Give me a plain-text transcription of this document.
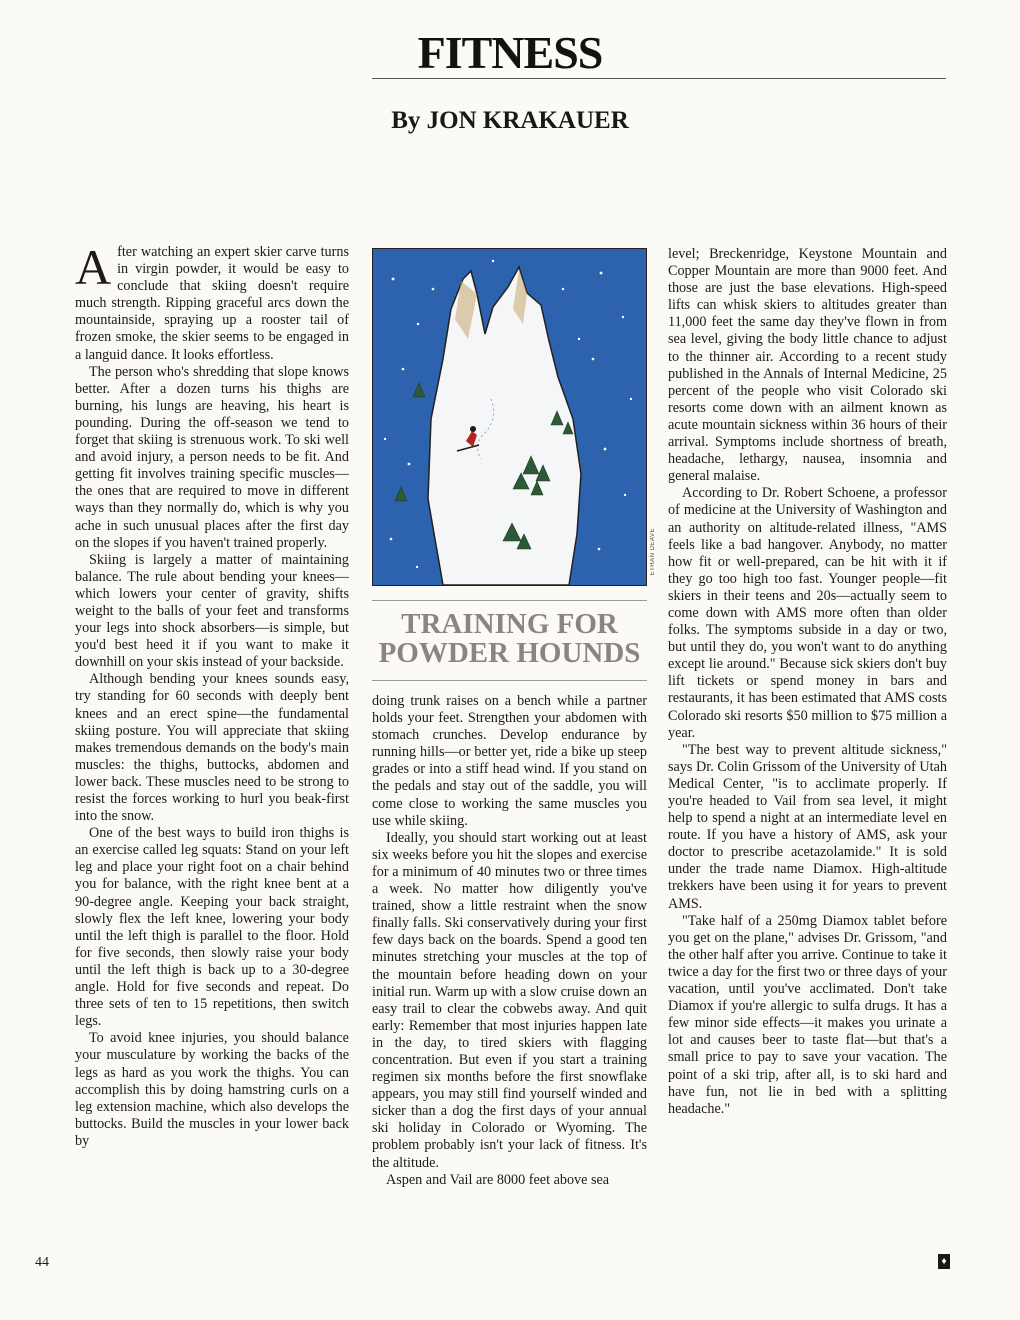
FITNESS
By JON KRAKAUER

After watching an expert skier carve turns in virgin powder, it would be easy to conclude that skiing doesn't require much strength. Ripping graceful arcs down the mountainside, spraying up a rooster tail of frozen smoke, the skier seems to be engaged in a languid dance. It looks effortless.

The person who's shredding that slope knows better. After a dozen turns his thighs are burning, his lungs are heaving, his heart is pounding. During the off-season we tend to forget that skiing is strenuous work. To ski well and avoid injury, a person needs to be fit. And getting fit involves training specific muscles—the ones that are required to move in different ways than they normally do, which is why you ache in such unusual places after the first day on the slopes if you haven't trained properly.

Skiing is largely a matter of maintaining balance. The rule about bending your knees—which lowers your center of gravity, shifts weight to the balls of your feet and transforms your legs into shock absorbers—is simple, but you'd best heed it if you want to make it downhill on your skis instead of your backside.

Although bending your knees sounds easy, try standing for 60 seconds with deeply bent knees and an erect spine—the fundamental skiing posture. You will appreciate that skiing makes tremendous demands on the body's main muscles: the thighs, buttocks, abdomen and lower back. These muscles need to be strong to resist the forces working to hurl you beak-first into the snow.

One of the best ways to build iron thighs is an exercise called leg squats: Stand on your left leg and place your right foot on a chair behind you for balance, with the right knee bent at a 90-degree angle. Keeping your back straight, slowly flex the left knee, lowering your body until the left thigh is parallel to the floor. Hold for five seconds, then slowly raise your body until the left thigh is back up to a 30-degree angle. Hold for five seconds and repeat. Do three sets of ten to 15 repetitions, then switch legs.

To avoid knee injuries, you should balance your musculature by working the backs of the legs as hard as you work the thighs. You can accomplish this by doing hamstring curls on a leg extension machine, which also develops the buttocks. Build the muscles in your lower back by

ETHAN DEAVE
TRAINING FOR POWDER HOUNDS

doing trunk raises on a bench while a partner holds your feet. Strengthen your abdomen with stomach crunches. Develop endurance by running hills—or better yet, ride a bike up steep grades or into a stiff head wind. If you stand on the pedals and stay out of the saddle, you will come close to working the same muscles you use while skiing.

Ideally, you should start working out at least six weeks before you hit the slopes and exercise for a minimum of 40 minutes two or three times a week. No matter how diligently you've trained, show a little restraint when the snow finally falls. Ski conservatively during your first few days back on the boards. Spend a good ten minutes stretching your muscles at the top of the mountain before heading down on your initial run. Warm up with a slow cruise down an easy trail to clear the cobwebs away. And quit early: Remember that most injuries happen late in the day, to tired skiers with flagging concentration. But even if you start a training regimen six months before the first snowflake appears, you may still find yourself winded and sicker than a dog the first days of your annual ski holiday in Colorado or Wyoming. The problem probably isn't your lack of fitness. It's the altitude.

Aspen and Vail are 8000 feet above sea

level; Breckenridge, Keystone Mountain and Copper Mountain are more than 9000 feet. And those are just the base elevations. High-speed lifts can whisk skiers to altitudes greater than 11,000 feet the same day they've flown in from sea level, giving the body little chance to adjust to the thinner air. According to a recent study published in the Annals of Internal Medicine, 25 percent of the people who visit Colorado ski resorts come down with an ailment known as acute mountain sickness within 36 hours of their arrival. Symptoms include shortness of breath, headache, lethargy, nausea, insomnia and general malaise.

According to Dr. Robert Schoene, a professor of medicine at the University of Washington and an authority on altitude-related illness, "AMS feels like a bad hangover. Anybody, no matter how fit or well-prepared, can be hit with it if they go too high too fast. Younger people—fit skiers in their teens and 20s—actually seem to come down with AMS more often than older folks. The symptoms subside in a day or two, but until they do, you won't want to do anything except lie around." Because sick skiers don't buy lift tickets or spend money in bars and restaurants, it has been estimated that AMS costs Colorado ski resorts $50 million to $75 million a year.

"The best way to prevent altitude sickness," says Dr. Colin Grissom of the University of Utah Medical Center, "is to acclimate properly. If you're headed to Vail from sea level, it might help to spend a night at an intermediate level en route. If you have a history of AMS, ask your doctor to prescribe acetazolamide." It is sold under the trade name Diamox. High-altitude trekkers have been using it for years to prevent AMS.

"Take half of a 250mg Diamox tablet before you get on the plane," advises Dr. Grissom, "and the other half after you arrive. Continue to take it twice a day for the first two or three days of your vacation, until you've acclimated. Don't take Diamox if you're allergic to sulfa drugs. It has a few minor side effects—it makes you urinate a lot and causes beer to taste flat—but that's a small price to pay to save your vacation. The point of a ski trip, after all, is to ski hard and have fun, not lie in bed with a splitting headache."

44	♦
